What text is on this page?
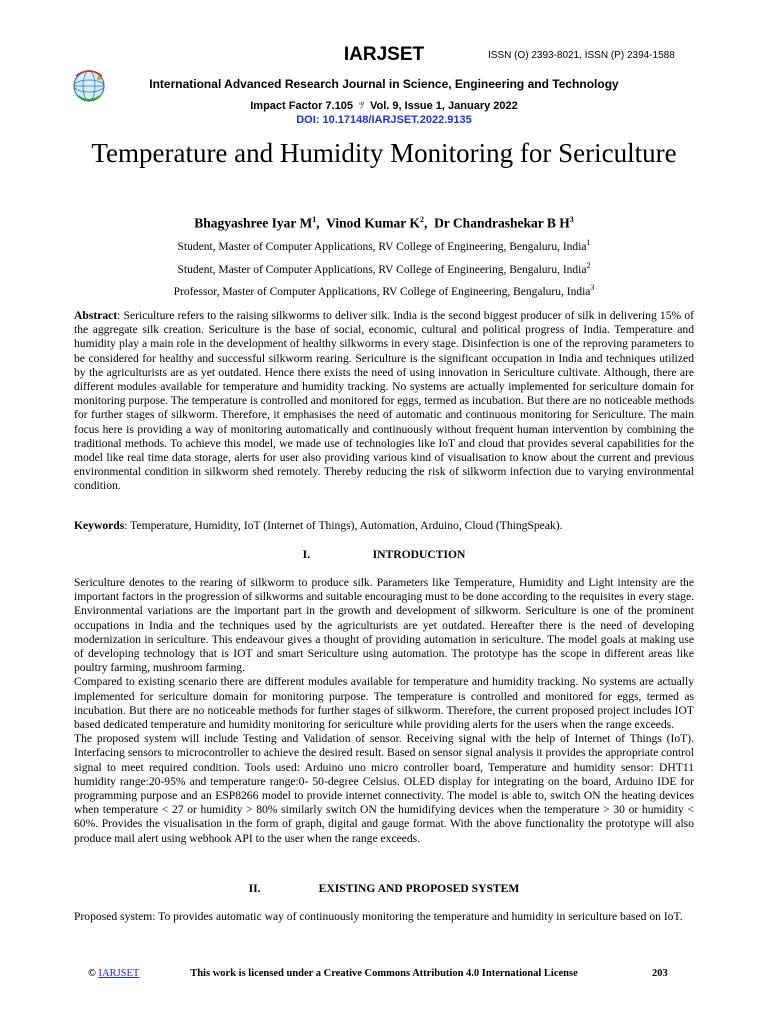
IARJSET	ISSN (O) 2393-8021, ISSN (P) 2394-1588
International Advanced Research Journal in Science, Engineering and Technology
Impact Factor 7.105 ﾂ Vol. 9, Issue 1, January 2022
DOI: 10.17148/IARJSET.2022.9135
Temperature and Humidity Monitoring for Sericulture
Bhagyashree Iyar $M^1$,  Vinod Kumar $K^2$,  Dr Chandrashekar B $H^3$
Student, Master of Computer Applications, RV College of Engineering, Bengaluru, India$^1$
Student, Master of Computer Applications, RV College of Engineering, Bengaluru, India$^2$
Professor, Master of Computer Applications, RV College of Engineering, Bengaluru, India$^3$
Abstract: Sericulture refers to the raising silkworms to deliver silk. India is the second biggest producer of silk in delivering 15% of the aggregate silk creation. Sericulture is the base of social, economic, cultural and political progress of India. Temperature and humidity play a main role in the development of healthy silkworms in every stage. Disinfection is one of the reproving parameters to be considered for healthy and successful silkworm rearing. Sericulture is the significant occupation in India and techniques utilized by the agriculturists are as yet outdated. Hence there exists the need of using innovation in Sericulture cultivate. Although, there are different modules available for temperature and humidity tracking. No systems are actually implemented for sericulture domain for monitoring purpose. The temperature is controlled and monitored for eggs, termed as incubation. But there are no noticeable methods for further stages of silkworm. Therefore, it emphasises the need of automatic and continuous monitoring for Sericulture. The main focus here is providing a way of monitoring automatically and continuously without frequent human intervention by combining the traditional methods. To achieve this model, we made use of technologies like IoT and cloud that provides several capabilities for the model like real time data storage, alerts for user also providing various kind of visualisation to know about the current and previous environmental condition in silkworm shed remotely. Thereby reducing the risk of silkworm infection due to varying environmental condition.
Keywords: Temperature, Humidity, IoT (Internet of Things), Automation, Arduino, Cloud (ThingSpeak).
I.	INTRODUCTION
Sericulture denotes to the rearing of silkworm to produce silk. Parameters like Temperature, Humidity and Light intensity are the important factors in the progression of silkworms and suitable encouraging must to be done according to the requisites in every stage. Environmental variations are the important part in the growth and development of silkworm. Sericulture is one of the prominent occupations in India and the techniques used by the agriculturists are yet outdated. Hereafter there is the need of developing modernization in sericulture. This endeavour gives a thought of providing automation in sericulture. The model goals at making use of developing technology that is IOT and smart Sericulture using automation. The prototype has the scope in different areas like poultry farming, mushroom farming.
Compared to existing scenario there are different modules available for temperature and humidity tracking. No systems are actually implemented for sericulture domain for monitoring purpose. The temperature is controlled and monitored for eggs, termed as incubation. But there are no noticeable methods for further stages of silkworm. Therefore, the current proposed project includes IOT based dedicated temperature and humidity monitoring for sericulture while providing alerts for the users when the range exceeds.
The proposed system will include Testing and Validation of sensor. Receiving signal with the help of Internet of Things (IoT). Interfacing sensors to microcontroller to achieve the desired result. Based on sensor signal analysis it provides the appropriate control signal to meet required condition. Tools used: Arduino uno micro controller board, Temperature and humidity sensor: DHT11 humidity range:20-95% and temperature range:0- 50-degree Celsius. OLED display for integrating on the board, Arduino IDE for programming purpose and an ESP8266 model to provide internet connectivity. The model is able to, switch ON the heating devices when temperature < 27 or humidity > 80% similarly switch ON the humidifying devices when the temperature > 30 or humidity < 60%. Provides the visualisation in the form of graph, digital and gauge format. With the above functionality the prototype will also produce mail alert using webhook API to the user when the range exceeds.
II.	EXISTING AND PROPOSED SYSTEM
Proposed system: To provides automatic way of continuously monitoring the temperature and humidity in sericulture based on IoT.
© IARJSET	This work is licensed under a Creative Commons Attribution 4.0 International License	203
